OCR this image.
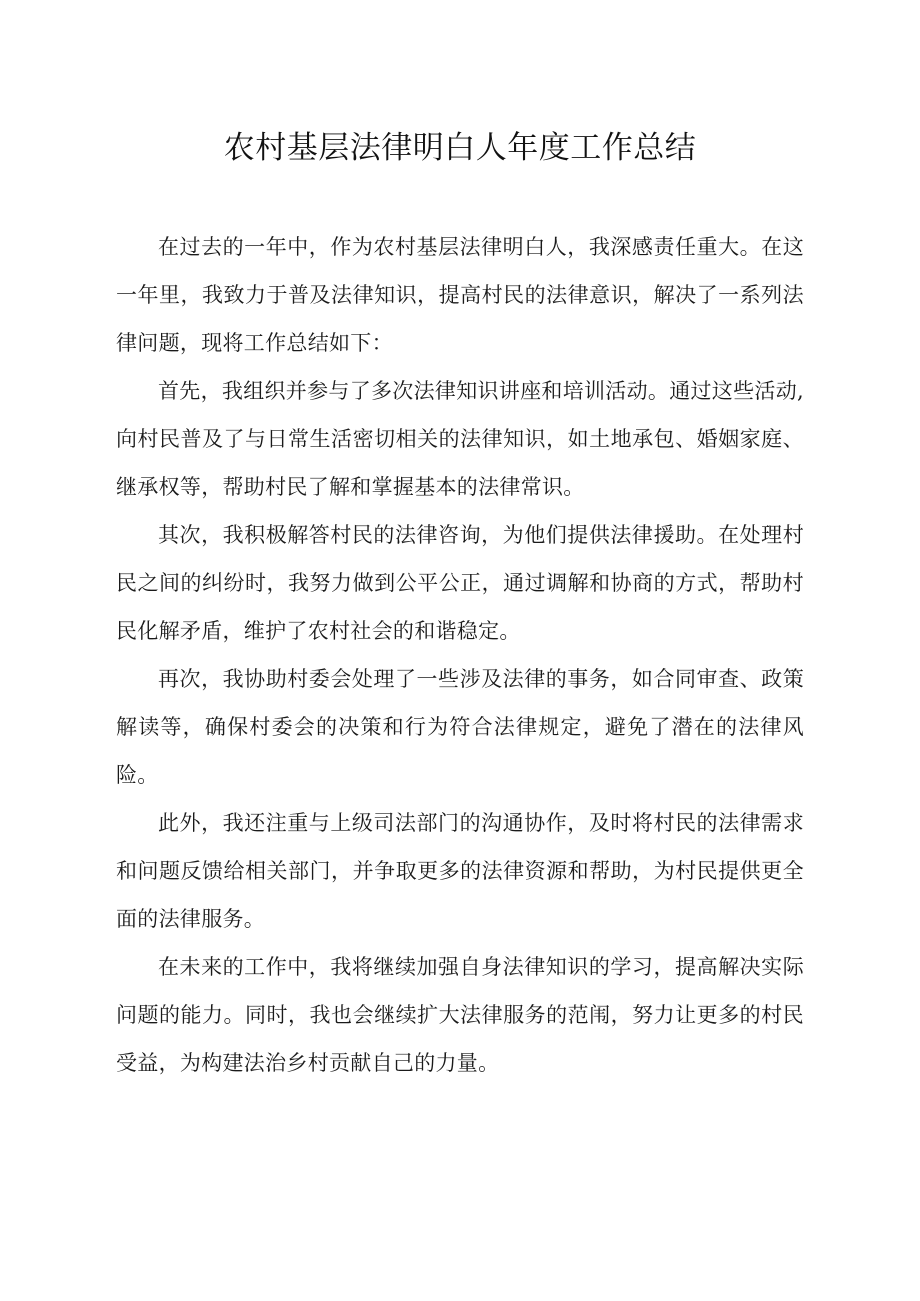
农村基层法律明白人年度工作总结

在过去的一年中，作为农村基层法律明白人，我深感责任重大。在这一年里，我致力于普及法律知识，提高村民的法律意识，解决了一系列法律问题，现将工作总结如下：

首先，我组织并参与了多次法律知识讲座和培训活动。通过这些活动,向村民普及了与日常生活密切相关的法律知识，如土地承包、婚姻家庭、继承权等，帮助村民了解和掌握基本的法律常识。

其次，我积极解答村民的法律咨询，为他们提供法律援助。在处理村民之间的纠纷时，我努力做到公平公正，通过调解和协商的方式，帮助村民化解矛盾，维护了农村社会的和谐稳定。

再次，我协助村委会处理了一些涉及法律的事务，如合同审查、政策解读等，确保村委会的决策和行为符合法律规定，避免了潜在的法律风险。

此外，我还注重与上级司法部门的沟通协作，及时将村民的法律需求和问题反馈给相关部门，并争取更多的法律资源和帮助，为村民提供更全面的法律服务。

在未来的工作中，我将继续加强自身法律知识的学习，提高解决实际问题的能力。同时，我也会继续扩大法律服务的范闱，努力让更多的村民受益，为构建法治乡村贡献自己的力量。
